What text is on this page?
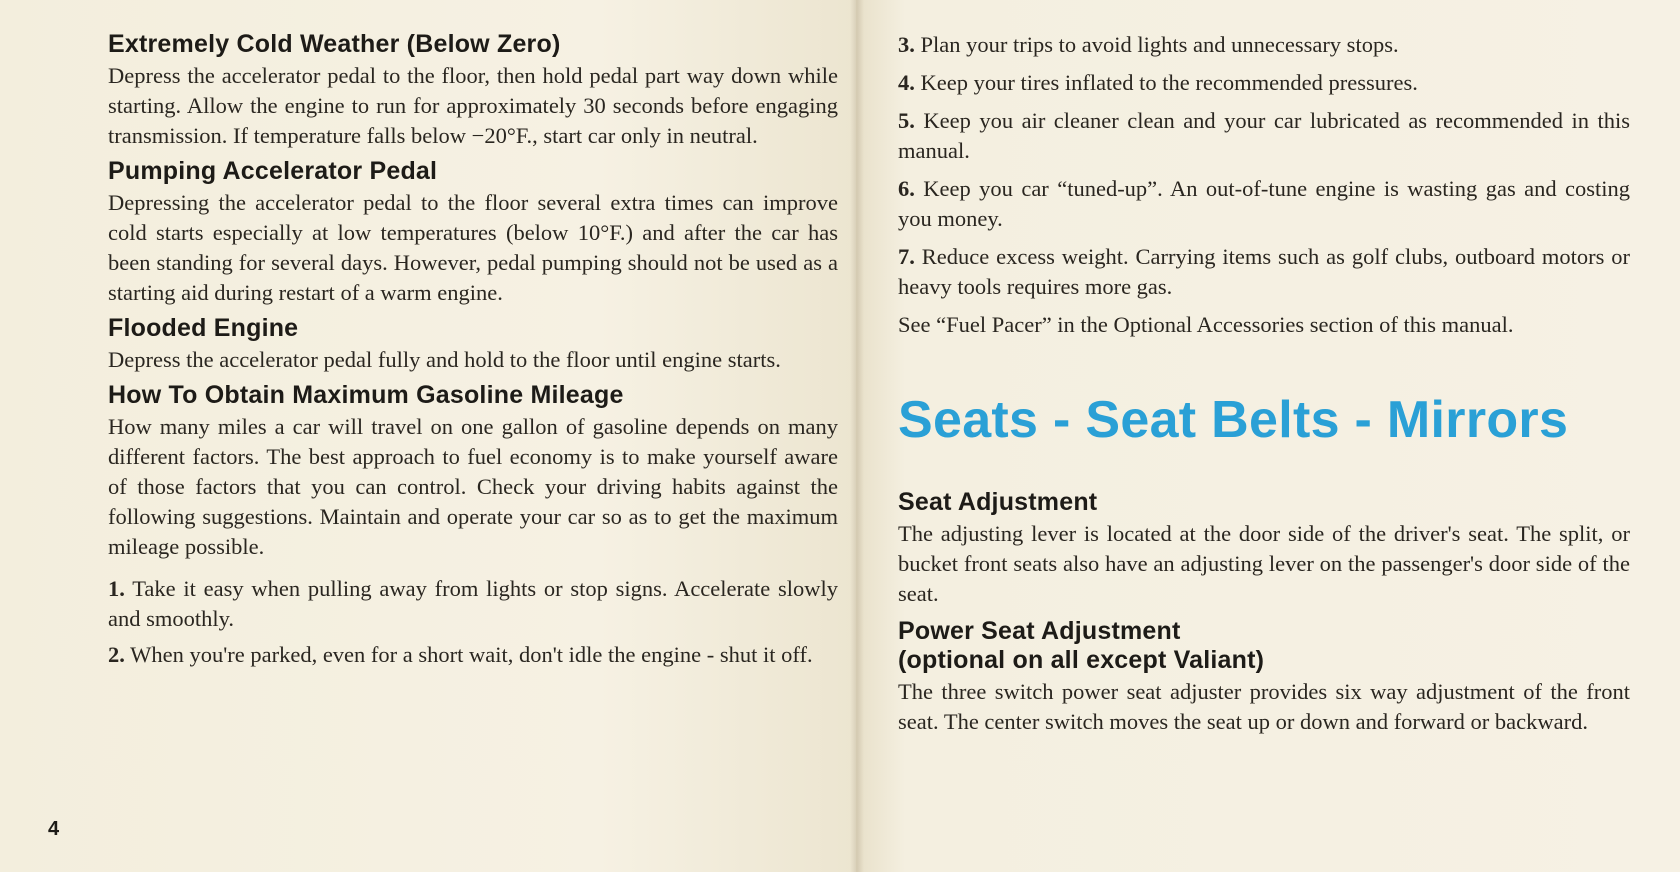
Extremely Cold Weather (Below Zero)

Depress the accelerator pedal to the floor, then hold pedal part way down while starting. Allow the engine to run for approximately 30 seconds before engaging transmission. If temperature falls below −20°F., start car only in neutral.

Pumping Accelerator Pedal

Depressing the accelerator pedal to the floor several extra times can improve cold starts especially at low temperatures (below 10°F.) and after the car has been standing for several days. However, pedal pumping should not be used as a starting aid during restart of a warm engine.

Flooded Engine

Depress the accelerator pedal fully and hold to the floor until engine starts.

How To Obtain Maximum Gasoline Mileage

How many miles a car will travel on one gallon of gasoline depends on many different factors. The best approach to fuel economy is to make yourself aware of those factors that you can control. Check your driving habits against the following suggestions. Maintain and operate your car so as to get the maximum mileage possible.

1. Take it easy when pulling away from lights or stop signs. Accelerate slowly and smoothly.

2. When you're parked, even for a short wait, don't idle the engine - shut it off.

4

3. Plan your trips to avoid lights and unnecessary stops.

4. Keep your tires inflated to the recommended pressures.

5. Keep you air cleaner clean and your car lubricated as recommended in this manual.

6. Keep you car “tuned-up”. An out-of-tune engine is wasting gas and costing you money.

7. Reduce excess weight. Carrying items such as golf clubs, outboard motors or heavy tools requires more gas.

See “Fuel Pacer” in the Optional Accessories section of this manual.

Seats - Seat Belts - Mirrors
Seat Adjustment

The adjusting lever is located at the door side of the driver's seat. The split, or bucket front seats also have an adjusting lever on the passenger's door side of the seat.

Power Seat Adjustment
(optional on all except Valiant)

The three switch power seat adjuster provides six way adjustment of the front seat. The center switch moves the seat up or down and forward or backward.
